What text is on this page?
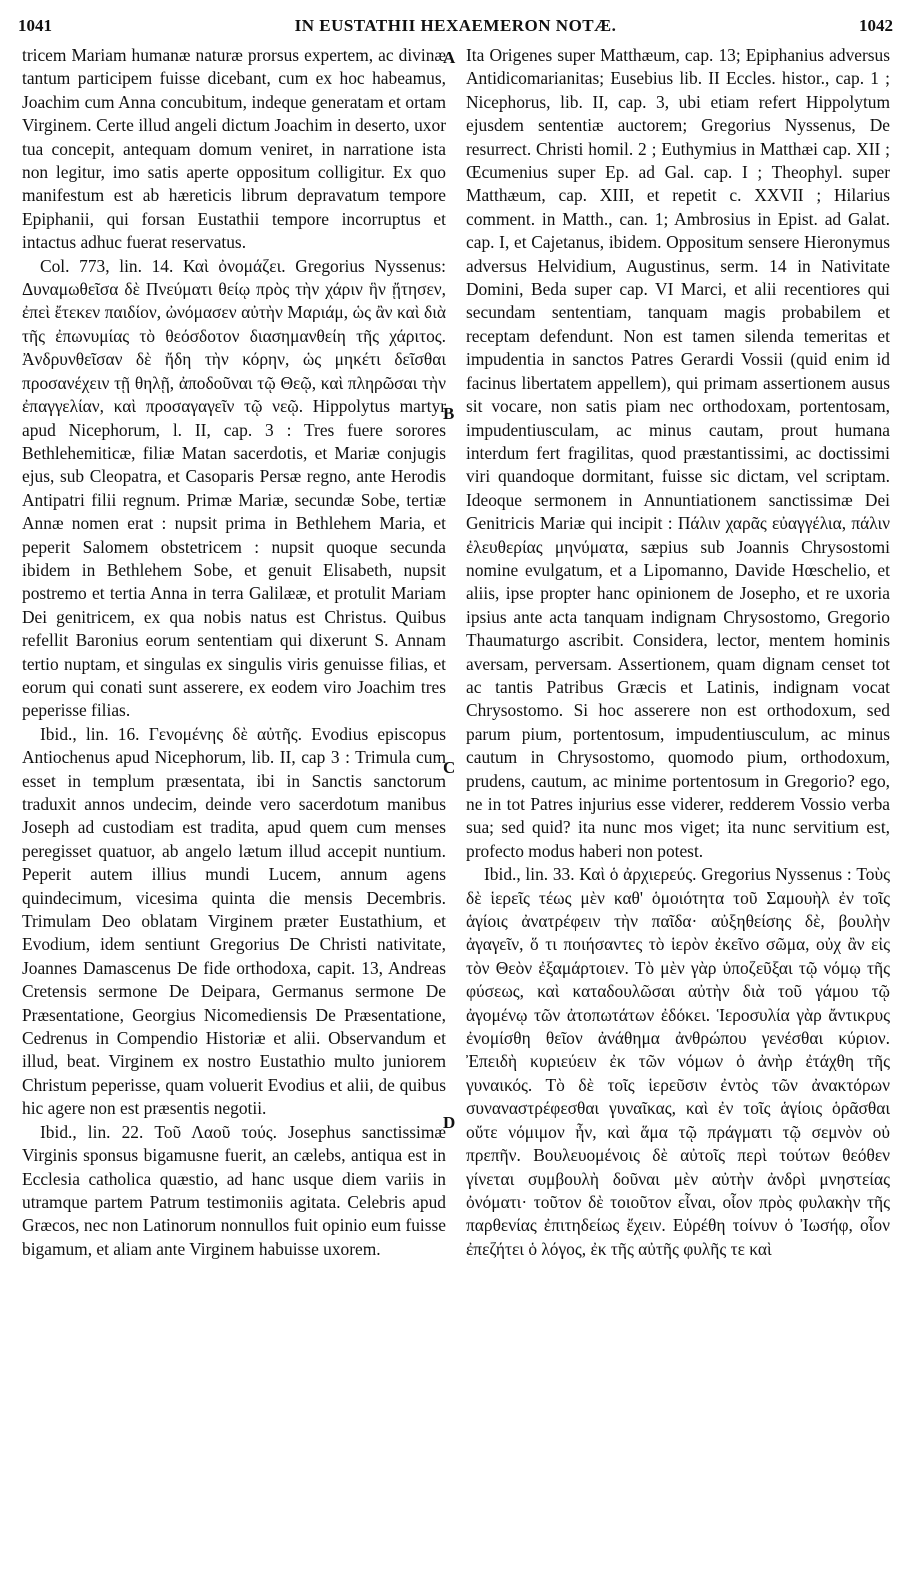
1041	IN EUSTATHII HEXAEMERON NOTÆ.	1042

tricem Mariam humanæ naturæ prorsus expertem, ac divinæ tantum participem fuisse dicebant, cum ex hoc habeamus, Joachim cum Anna concubitum, indeque generatam et ortam Virginem. Certe illud angeli dictum Joachim in deserto, uxor tua concepit, antequam domum veniret, in narratione ista non legitur, imo satis aperte oppositum colligitur. Ex quo manifestum est ab hæreticis librum depravatum tempore Epiphanii, qui forsan Eustathii tempore incorruptus et intactus adhuc fuerat reservatus.

Col. 773, lin. 14. Καὶ ὀνομάζει. Gregorius Nyssenus: Δυναμωθεῖσα δὲ Πνεύματι θείῳ πρὸς τὴν χάριν ἣν ᾔτησεν, ἐπεὶ ἔτεκεν παιδίον, ὠνόμασεν αὐτὴν Μαριάμ, ὡς ἂν καὶ διὰ τῆς ἐπωνυμίας τὸ θεόσδοτον διασημανθείη τῆς χάριτος. Ἀνδρυνθεῖσαν δὲ ἤδη τὴν κόρην, ὡς μηκέτι δεῖσθαι προσανέχειν τῇ θηλῇ, ἀποδοῦναι τῷ Θεῷ, καὶ πληρῶσαι τὴν ἐπαγγελίαν, καὶ προσαγαγεῖν τῷ νεῷ. Hippolytus martyr apud Nicephorum, l. II, cap. 3 : Tres fuere sorores Bethlehemiticæ, filiæ Matan sacerdotis, et Mariæ conjugis ejus, sub Cleopatra, et Casoparis Persæ regno, ante Herodis Antipatri filii regnum. Primæ Mariæ, secundæ Sobe, tertiæ Annæ nomen erat : nupsit prima in Bethlehem Maria, et peperit Salomem obstetricem : nupsit quoque secunda ibidem in Bethlehem Sobe, et genuit Elisabeth, nupsit postremo et tertia Anna in terra Galilææ, et protulit Mariam Dei genitricem, ex qua nobis natus est Christus. Quibus refellit Baronius eorum sententiam qui dixerunt S. Annam tertio nuptam, et singulas ex singulis viris genuisse filias, et eorum qui conati sunt asserere, ex eodem viro Joachim tres peperisse filias.

Ibid., lin. 16. Γενομένης δὲ αὐτῆς. Evodius episcopus Antiochenus apud Nicephorum, lib. II, cap 3 : Trimula cum esset in templum præsentata, ibi in Sanctis sanctorum traduxit annos undecim, deinde vero sacerdotum manibus Joseph ad custodiam est tradita, apud quem cum menses peregisset quatuor, ab angelo lætum illud accepit nuntium. Peperit autem illius mundi Lucem, annum agens quindecimum, vicesima quinta die mensis Decembris. Trimulam Deo oblatam Virginem præter Eustathium, et Evodium, idem sentiunt Gregorius De Christi nativitate, Joannes Damascenus De fide orthodoxa, capit. 13, Andreas Cretensis sermone De Deipara, Germanus sermone De Præsentatione, Georgius Nicomediensis De Præsentatione, Cedrenus in Compendio Historiæ et alii. Observandum et illud, beat. Virginem ex nostro Eustathio multo juniorem Christum peperisse, quam voluerit Evodius et alii, de quibus hic agere non est præsentis negotii.

Ibid., lin. 22. Τοῦ Λαοῦ τούς. Josephus sanctissimæ Virginis sponsus bigamusne fuerit, an cælebs, antiqua est in Ecclesia catholica quæstio, ad hanc usque diem variis in utramque partem Patrum testimoniis agitata. Celebris apud Græcos, nec non Latinorum nonnullos fuit opinio eum fuisse bigamum, et aliam ante Virginem habuisse uxorem.

A
B
C
D

Ita Origenes super Matthæum, cap. 13; Epiphanius adversus Antidicomarianitas; Eusebius lib. II Eccles. histor., cap. 1 ; Nicephorus, lib. II, cap. 3, ubi etiam refert Hippolytum ejusdem sententiæ auctorem; Gregorius Nyssenus, De resurrect. Christi homil. 2 ; Euthymius in Matthæi cap. XII ; Œcumenius super Ep. ad Gal. cap. I ; Theophyl. super Matthæum, cap. XIII, et repetit c. XXVII ; Hilarius comment. in Matth., can. 1; Ambrosius in Epist. ad Galat. cap. I, et Cajetanus, ibidem. Oppositum sensere Hieronymus adversus Helvidium, Augustinus, serm. 14 in Nativitate Domini, Beda super cap. VI Marci, et alii recentiores qui secundam sententiam, tanquam magis probabilem et receptam defendunt. Non est tamen silenda temeritas et impudentia in sanctos Patres Gerardi Vossii (quid enim id facinus libertatem appellem), qui primam assertionem ausus sit vocare, non satis piam nec orthodoxam, portentosam, impudentiusculam, ac minus cautam, prout humana interdum fert fragilitas, quod præstantissimi, ac doctissimi viri quandoque dormitant, fuisse sic dictam, vel scriptam. Ideoque sermonem in Annuntiationem sanctissimæ Dei Genitricis Mariæ qui incipit : Πάλιν χαρᾶς εὐαγγέλια, πάλιν ἐλευθερίας μηνύματα, sæpius sub Joannis Chrysostomi nomine evulgatum, et a Lipomanno, Davide Hœschelio, et aliis, ipse propter hanc opinionem de Josepho, et re uxoria ipsius ante acta tanquam indignam Chrysostomo, Gregorio Thaumaturgo ascribit. Considera, lector, mentem hominis aversam, perversam. Assertionem, quam dignam censet tot ac tantis Patribus Græcis et Latinis, indignam vocat Chrysostomo. Si hoc asserere non est orthodoxum, sed parum pium, portentosum, impudentiusculum, ac minus cautum in Chrysostomo, quomodo pium, orthodoxum, prudens, cautum, ac minime portentosum in Gregorio? ego, ne in tot Patres injurius esse viderer, redderem Vossio verba sua; sed quid? ita nunc mos viget; ita nunc servitium est, profecto modus haberi non potest.

Ibid., lin. 33. Καὶ ὁ ἀρχιερεύς. Gregorius Nyssenus : Τοὺς δὲ ἱερεῖς τέως μὲν καθ' ὁμοιότητα τοῦ Σαμουὴλ ἐν τοῖς ἁγίοις ἀνατρέφειν τὴν παῖδα· αὐξηθείσης δὲ, βουλὴν ἀγαγεῖν, ὅ τι ποιήσαντες τὸ ἱερὸν ἐκεῖνο σῶμα, οὐχ ἂν εἰς τὸν Θεὸν ἐξαμάρτοιεν. Τὸ μὲν γὰρ ὑποζεῦξαι τῷ νόμῳ τῆς φύσεως, καὶ καταδουλῶσαι αὐτὴν διὰ τοῦ γάμου τῷ ἀγομένῳ τῶν ἀτοπωτάτων ἐδόκει. Ἱεροσυλία γὰρ ἄντικρυς ἐνομίσθη θεῖον ἀνάθημα ἀνθρώπου γενέσθαι κύριον. Ἐπειδὴ κυριεύειν ἐκ τῶν νόμων ὁ ἀνὴρ ἐτάχθη τῆς γυναικός. Τὸ δὲ τοῖς ἱερεῦσιν ἐντὸς τῶν ἀνακτόρων συναναστρέφεσθαι γυναῖκας, καὶ ἐν τοῖς ἁγίοις ὁρᾶσθαι οὔτε νόμιμον ἦν, καὶ ἅμα τῷ πράγματι τῷ σεμνὸν οὐ πρεπῆν. Βουλευομένοις δὲ αὐτοῖς περὶ τούτων θεόθεν γίνεται συμβουλὴ δοῦναι μὲν αὐτὴν ἀνδρὶ μνηστείας ὀνόματι· τοῦτον δὲ τοιοῦτον εἶναι, οἷον πρὸς φυλακὴν τῆς παρθενίας ἐπιτηδείως ἔχειν. Εὑρέθη τοίνυν ὁ Ἰωσήφ, οἷον ἐπεζήτει ὁ λόγος, ἐκ τῆς αὐτῆς φυλῆς τε καὶ
